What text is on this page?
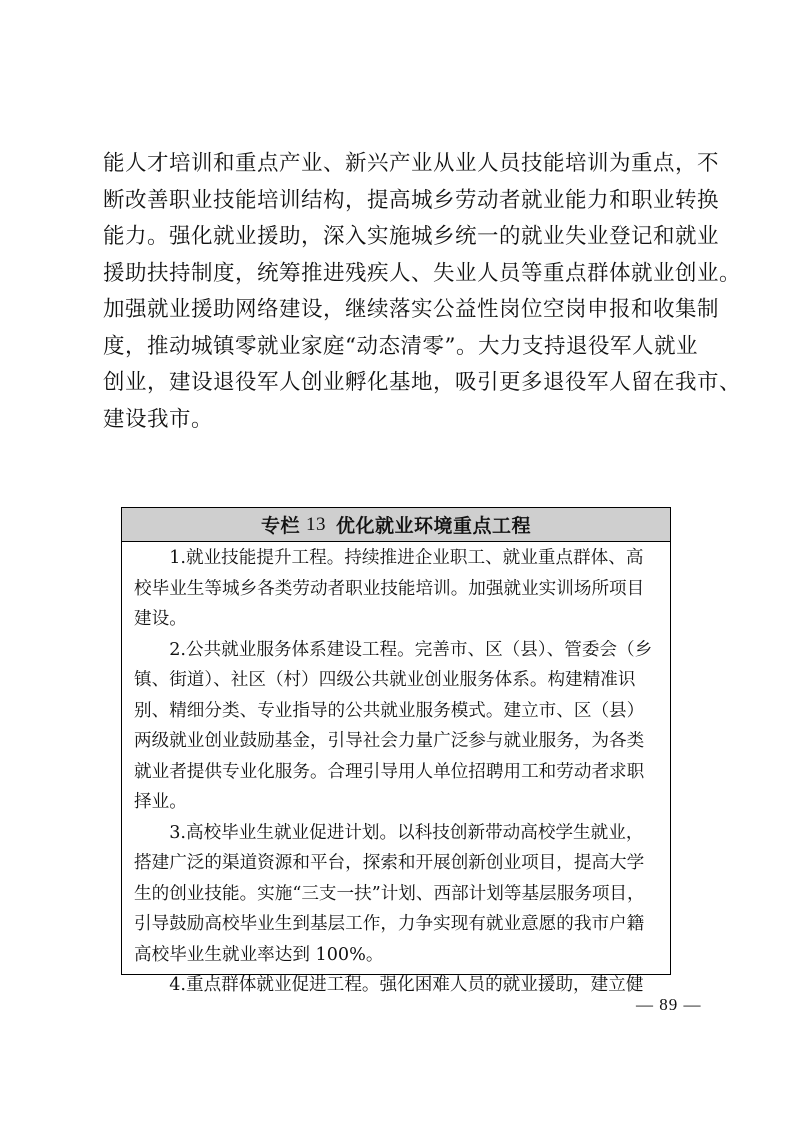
能人才培训和重点产业、新兴产业从业人员技能培训为重点，不
断改善职业技能培训结构，提高城乡劳动者就业能力和职业转换
能力。强化就业援助，深入实施城乡统一的就业失业登记和就业
援助扶持制度，统筹推进残疾人、失业人员等重点群体就业创业。
加强就业援助网络建设，继续落实公益性岗位空岗申报和收集制
度，推动城镇零就业家庭“动态清零”。大力支持退役军人就业
创业，建设退役军人创业孵化基地，吸引更多退役军人留在我市、
建设我市。

专栏 13 优化就业环境重点工程

　　1.就业技能提升工程。持续推进企业职工、就业重点群体、高
校毕业生等城乡各类劳动者职业技能培训。加强就业实训场所项目
建设。

　　2.公共就业服务体系建设工程。完善市、区（县）、管委会（乡
镇、街道）、社区（村）四级公共就业创业服务体系。构建精准识
别、精细分类、专业指导的公共就业服务模式。建立市、区（县）
两级就业创业鼓励基金，引导社会力量广泛参与就业服务，为各类
就业者提供专业化服务。合理引导用人单位招聘用工和劳动者求职
择业。

　　3.高校毕业生就业促进计划。以科技创新带动高校学生就业，
搭建广泛的渠道资源和平台，探索和开展创新创业项目，提高大学
生的创业技能。实施“三支一扶”计划、西部计划等基层服务项目，
引导鼓励高校毕业生到基层工作，力争实现有就业意愿的我市户籍
高校毕业生就业率达到 100%。

　　4.重点群体就业促进工程。强化困难人员的就业援助，建立健

— 89 —
